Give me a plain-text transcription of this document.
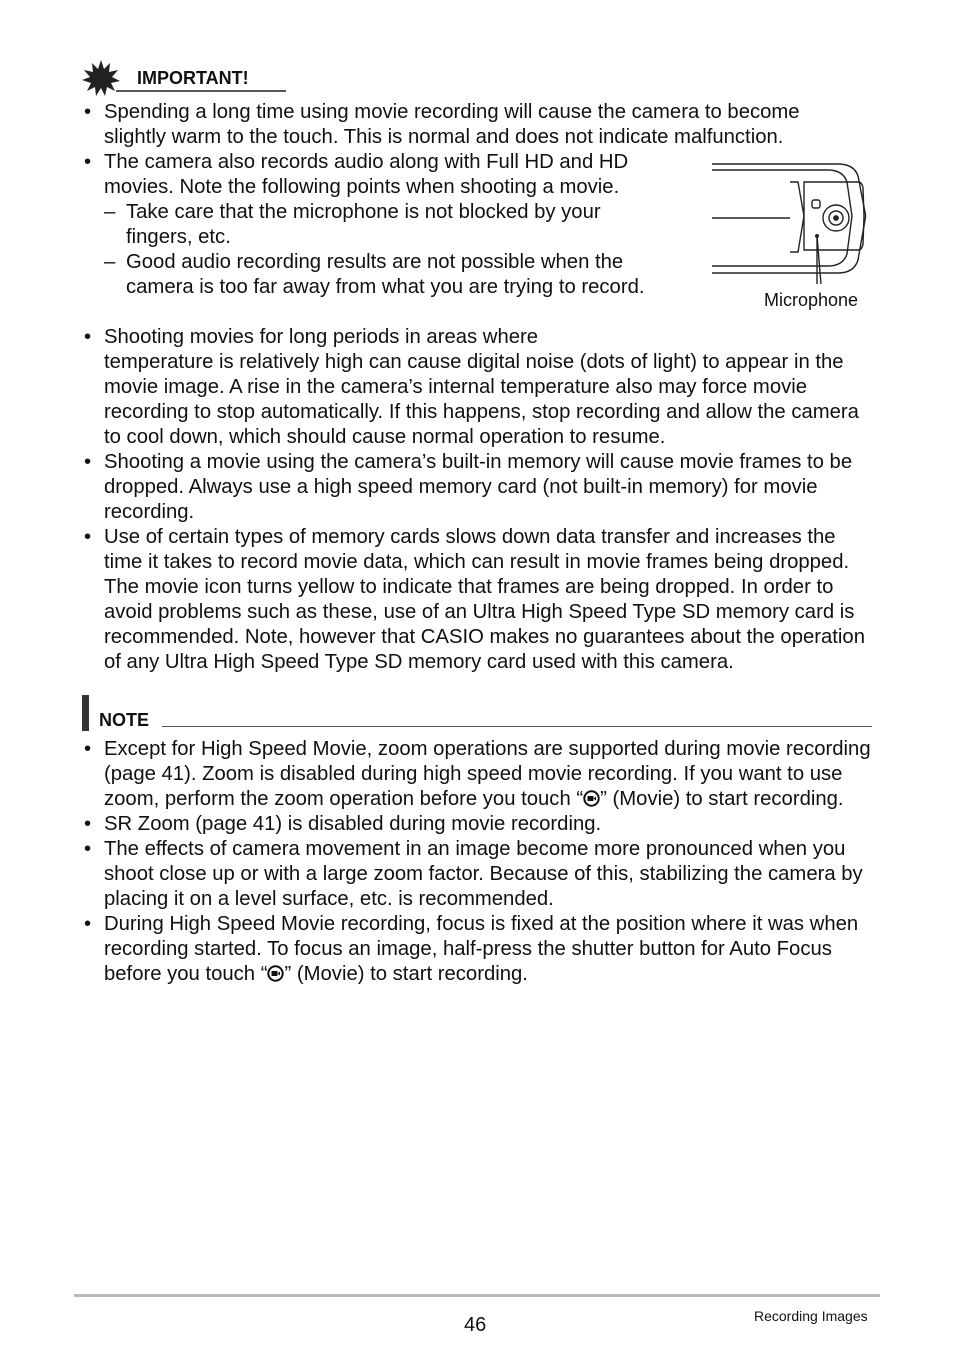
IMPORTANT!
• Spending a long time using movie recording will cause the camera to become slightly warm to the touch. This is normal and does not indicate malfunction.
• The camera also records audio along with Full HD and HD movies. Note the following points when shooting a movie.
– Take care that the microphone is not blocked by your fingers, etc.
– Good audio recording results are not possible when the camera is too far away from what you are trying to record.
Microphone
• Shooting movies for long periods in areas where
temperature is relatively high can cause digital noise (dots of light) to appear in the movie image. A rise in the camera’s internal temperature also may force movie recording to stop automatically. If this happens, stop recording and allow the camera to cool down, which should cause normal operation to resume.
• Shooting a movie using the camera’s built-in memory will cause movie frames to be dropped. Always use a high speed memory card (not built-in memory) for movie recording.
• Use of certain types of memory cards slows down data transfer and increases the time it takes to record movie data, which can result in movie frames being dropped. The movie icon turns yellow to indicate that frames are being dropped. In order to avoid problems such as these, use of an Ultra High Speed Type SD memory card is recommended. Note, however that CASIO makes no guarantees about the operation of any Ultra High Speed Type SD memory card used with this camera.
NOTE
• Except for High Speed Movie, zoom operations are supported during movie recording (page 41). Zoom is disabled during high speed movie recording. If you want to use zoom, perform the zoom operation before you touch “ ” (Movie) to start recording.
• SR Zoom (page 41) is disabled during movie recording.
• The effects of camera movement in an image become more pronounced when you shoot close up or with a large zoom factor. Because of this, stabilizing the camera by placing it on a level surface, etc. is recommended.
• During High Speed Movie recording, focus is fixed at the position where it was when recording started. To focus an image, half-press the shutter button for Auto Focus before you touch “ ” (Movie) to start recording.
46	Recording Images
